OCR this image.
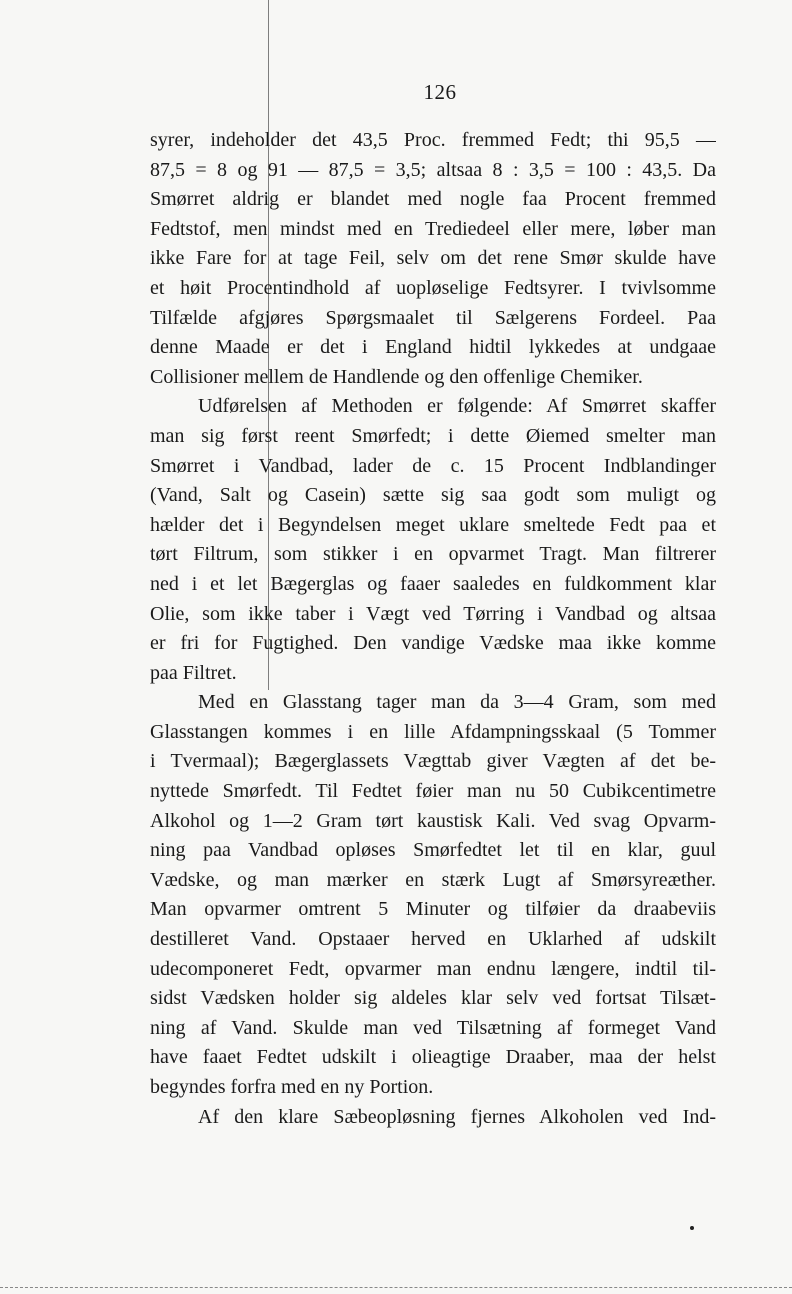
126
syrer, indeholder det 43,5 Proc. fremmed Fedt; thi 95,5 —
87,5 = 8 og 91 — 87,5 = 3,5; altsaa 8 : 3,5 = 100 : 43,5. Da
Smørret aldrig er blandet med nogle faa Procent fremmed
Fedtstof, men mindst med en Trediedeel eller mere, løber man
ikke Fare for at tage Feil, selv om det rene Smør skulde have
et høit Procentindhold af uopløselige Fedtsyrer. I tvivlsomme
Tilfælde afgjøres Spørgsmaalet til Sælgerens Fordeel. Paa
denne Maade er det i England hidtil lykkedes at undgaae
Collisioner mellem de Handlende og den offenlige Chemiker.
Udførelsen af Methoden er følgende: Af Smørret skaffer
man sig først reent Smørfedt; i dette Øiemed smelter man
Smørret i Vandbad, lader de c. 15 Procent Indblandinger
(Vand, Salt og Casein) sætte sig saa godt som muligt og
hælder det i Begyndelsen meget uklare smeltede Fedt paa et
tørt Filtrum, som stikker i en opvarmet Tragt. Man filtrerer
ned i et let Bægerglas og faaer saaledes en fuldkomment klar
Olie, som ikke taber i Vægt ved Tørring i Vandbad og altsaa
er fri for Fugtighed. Den vandige Vædske maa ikke komme
paa Filtret.
Med en Glasstang tager man da 3—4 Gram, som med
Glasstangen kommes i en lille Afdampningsskaal (5 Tommer
i Tvermaal); Bægerglassets Vægttab giver Vægten af det be-
nyttede Smørfedt. Til Fedtet føier man nu 50 Cubikcentimetre
Alkohol og 1—2 Gram tørt kaustisk Kali. Ved svag Opvarm-
ning paa Vandbad opløses Smørfedtet let til en klar, guul
Vædske, og man mærker en stærk Lugt af Smørsyreæther.
Man opvarmer omtrent 5 Minuter og tilføier da draabeviis
destilleret Vand. Opstaaer herved en Uklarhed af udskilt
udecomponeret Fedt, opvarmer man endnu længere, indtil til-
sidst Vædsken holder sig aldeles klar selv ved fortsat Tilsæt-
ning af Vand. Skulde man ved Tilsætning af formeget Vand
have faaet Fedtet udskilt i olieagtige Draaber, maa der helst
begyndes forfra med en ny Portion.
Af den klare Sæbeopløsning fjernes Alkoholen ved Ind-
